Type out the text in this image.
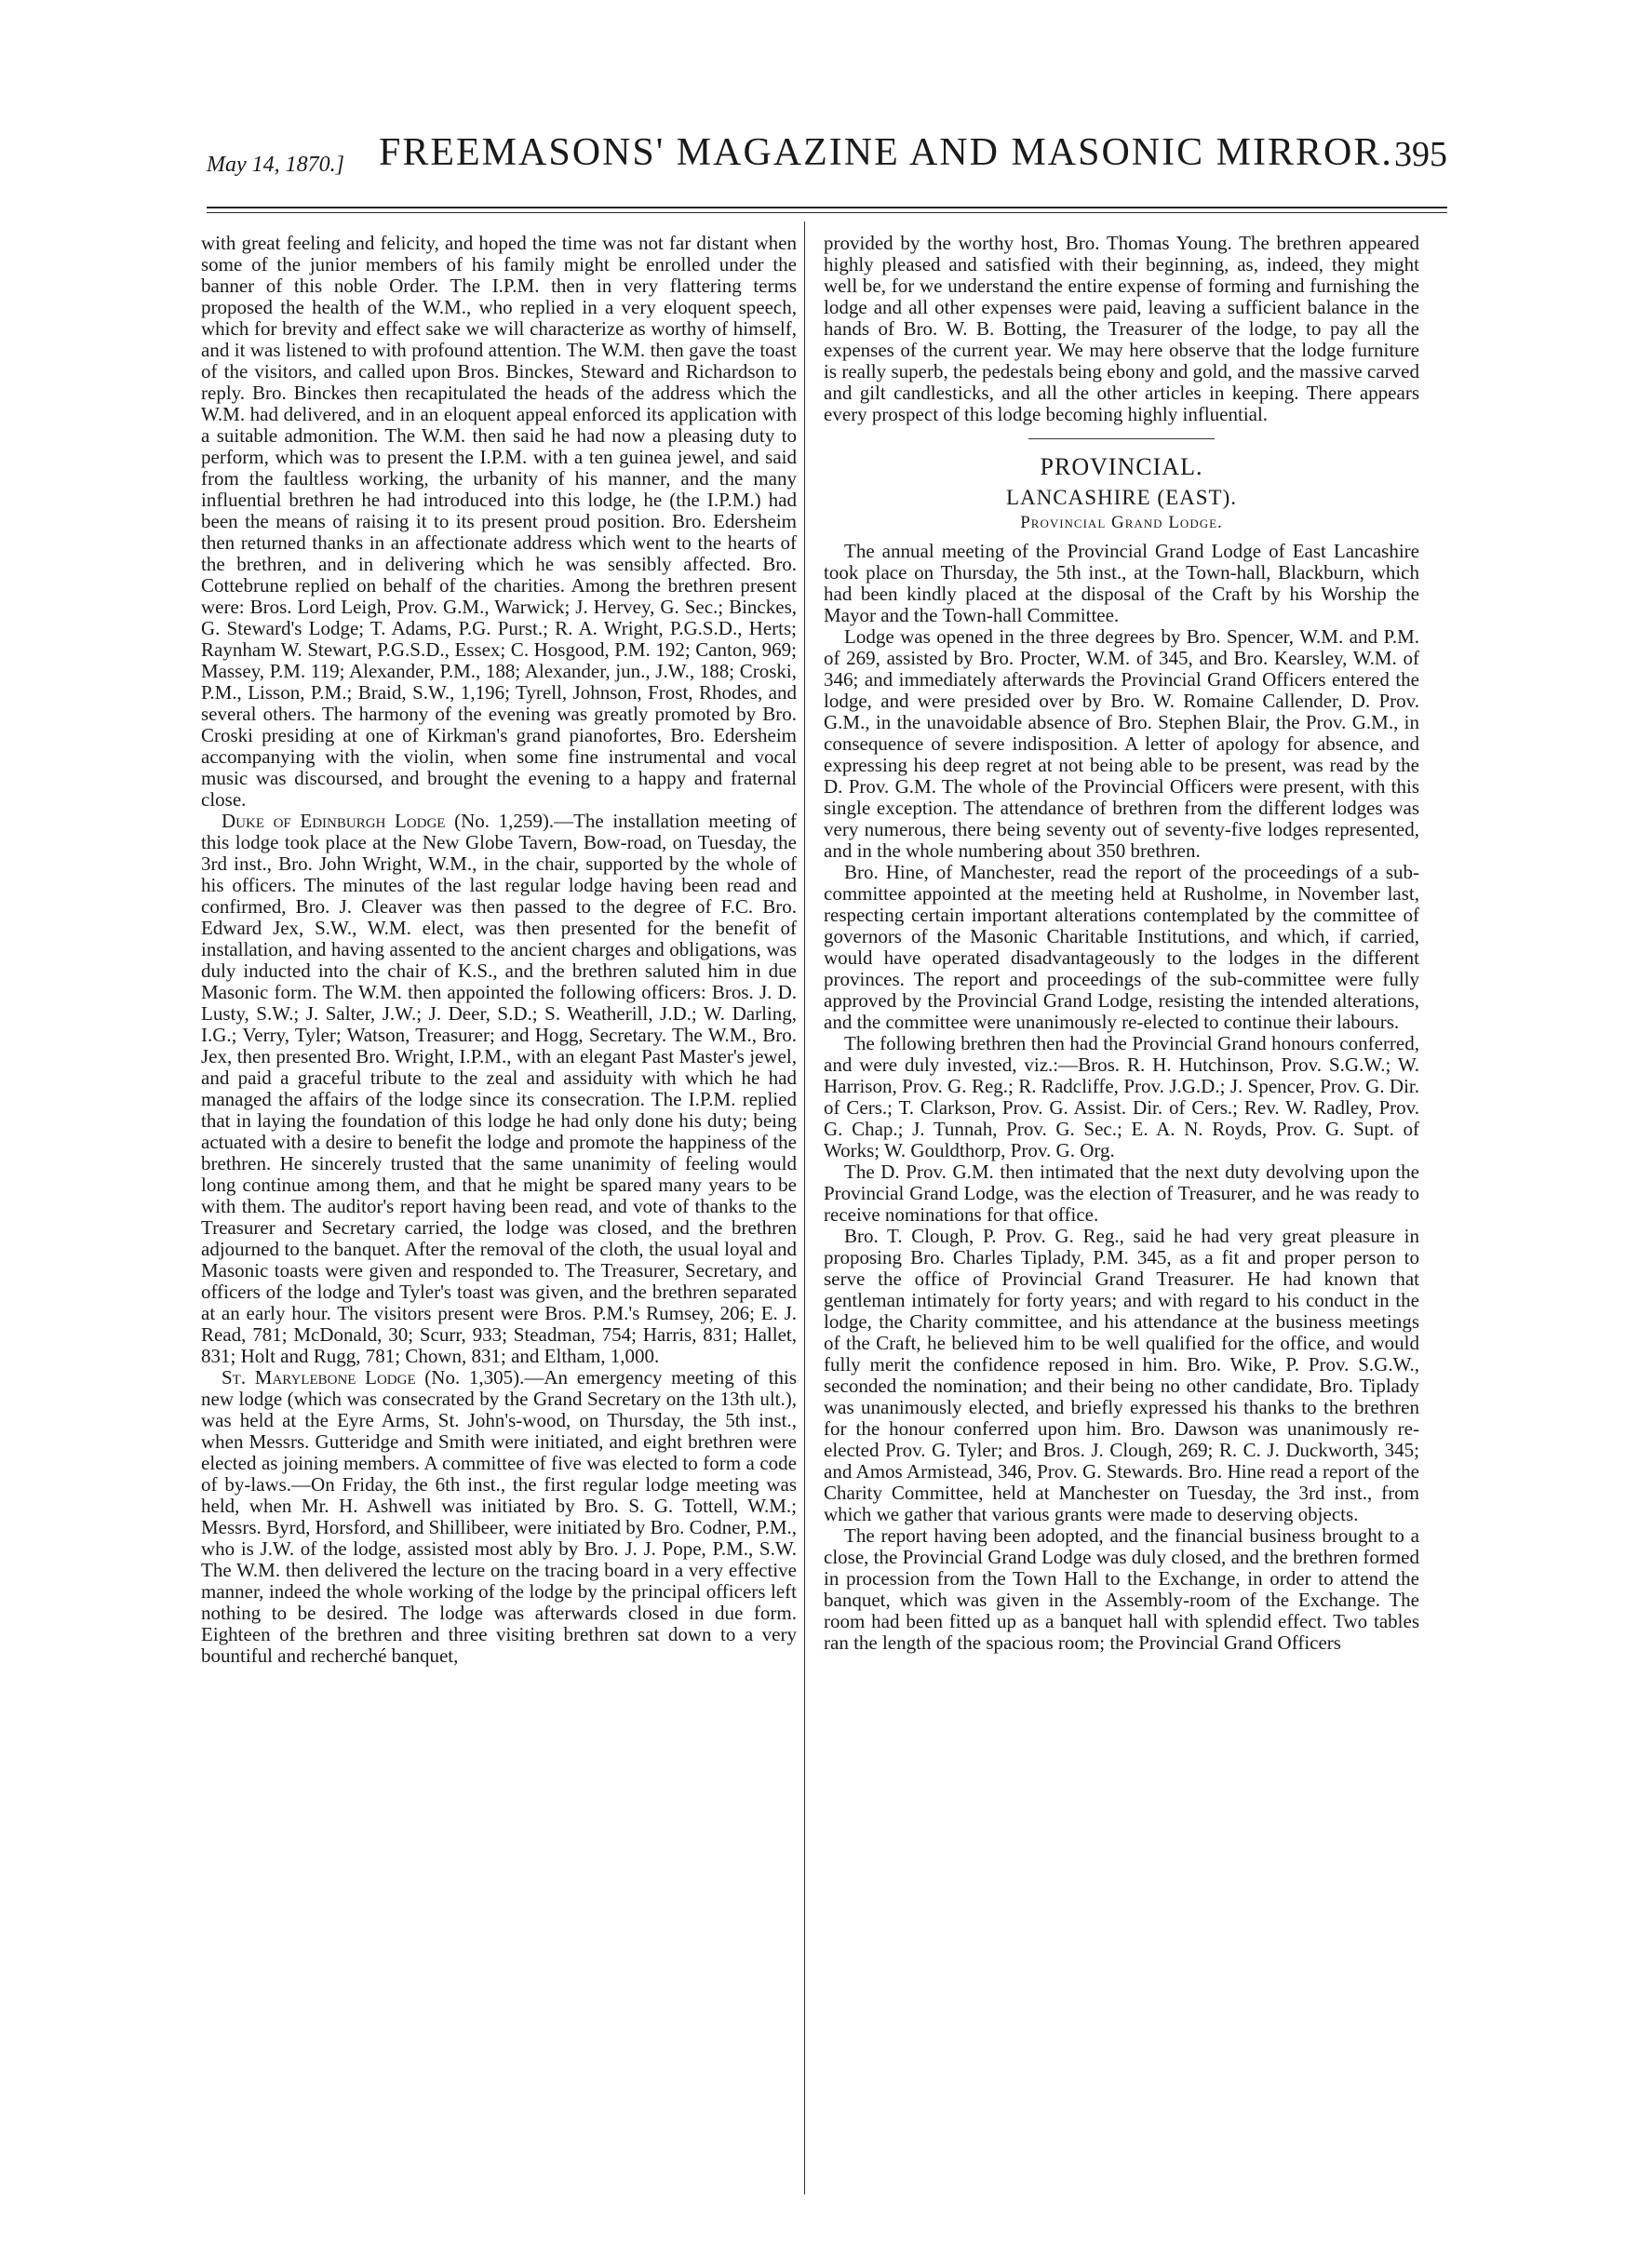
May 14, 1870.] FREEMASONS' MAGAZINE AND MASONIC MIRROR. 395

with great feeling and felicity, and hoped the time was not far distant when some of the junior members of his family might be enrolled under the banner of this noble Order. The I.P.M. then in very flattering terms proposed the health of the W.M., who replied in a very eloquent speech, which for brevity and effect sake we will characterize as worthy of himself, and it was listened to with profound attention. The W.M. then gave the toast of the visitors, and called upon Bros. Binckes, Steward and Richardson to reply. Bro. Binckes then recapitulated the heads of the address which the W.M. had delivered, and in an eloquent appeal enforced its application with a suitable admonition. The W.M. then said he had now a pleasing duty to perform, which was to present the I.P.M. with a ten guinea jewel, and said from the faultless working, the urbanity of his manner, and the many influential brethren he had introduced into this lodge, he (the I.P.M.) had been the means of raising it to its present proud position. Bro. Edersheim then returned thanks in an affectionate address which went to the hearts of the brethren, and in delivering which he was sensibly affected. Bro. Cottebrune replied on behalf of the charities. Among the brethren present were: Bros. Lord Leigh, Prov. G.M., Warwick; J. Hervey, G. Sec.; Binckes, G. Steward's Lodge; T. Adams, P.G. Purst.; R. A. Wright, P.G.S.D., Herts; Raynham W. Stewart, P.G.S.D., Essex; C. Hosgood, P.M. 192; Canton, 969; Massey, P.M. 119; Alexander, P.M., 188; Alexander, jun., J.W., 188; Croski, P.M., Lisson, P.M.; Braid, S.W., 1,196; Tyrell, Johnson, Frost, Rhodes, and several others. The harmony of the evening was greatly promoted by Bro. Croski presiding at one of Kirkman's grand pianofortes, Bro. Edersheim accompanying with the violin, when some fine instrumental and vocal music was discoursed, and brought the evening to a happy and fraternal close.

Duke of Edinburgh Lodge (No. 1,259).—The installation meeting of this lodge took place at the New Globe Tavern, Bow-road, on Tuesday, the 3rd inst., Bro. John Wright, W.M., in the chair, supported by the whole of his officers. The minutes of the last regular lodge having been read and confirmed, Bro. J. Cleaver was then passed to the degree of F.C. Bro. Edward Jex, S.W., W.M. elect, was then presented for the benefit of installation, and having assented to the ancient charges and obligations, was duly inducted into the chair of K.S., and the brethren saluted him in due Masonic form. The W.M. then appointed the following officers: Bros. J. D. Lusty, S.W.; J. Salter, J.W.; J. Deer, S.D.; S. Weatherill, J.D.; W. Darling, I.G.; Verry, Tyler; Watson, Treasurer; and Hogg, Secretary. The W.M., Bro. Jex, then presented Bro. Wright, I.P.M., with an elegant Past Master's jewel, and paid a graceful tribute to the zeal and assiduity with which he had managed the affairs of the lodge since its consecration. The I.P.M. replied that in laying the foundation of this lodge he had only done his duty; being actuated with a desire to benefit the lodge and promote the happiness of the brethren. He sincerely trusted that the same unanimity of feeling would long continue among them, and that he might be spared many years to be with them. The auditor's report having been read, and vote of thanks to the Treasurer and Secretary carried, the lodge was closed, and the brethren adjourned to the banquet. After the removal of the cloth, the usual loyal and Masonic toasts were given and responded to. The Treasurer, Secretary, and officers of the lodge and Tyler's toast was given, and the brethren separated at an early hour. The visitors present were Bros. P.M.'s Rumsey, 206; E. J. Read, 781; McDonald, 30; Scurr, 933; Steadman, 754; Harris, 831; Hallet, 831; Holt and Rugg, 781; Chown, 831; and Eltham, 1,000.

St. Marylebone Lodge (No. 1,305).—An emergency meeting of this new lodge (which was consecrated by the Grand Secretary on the 13th ult.), was held at the Eyre Arms, St. John's-wood, on Thursday, the 5th inst., when Messrs. Gutteridge and Smith were initiated, and eight brethren were elected as joining members. A committee of five was elected to form a code of by-laws.—On Friday, the 6th inst., the first regular lodge meeting was held, when Mr. H. Ashwell was initiated by Bro. S. G. Tottell, W.M.; Messrs. Byrd, Horsford, and Shillibeer, were initiated by Bro. Codner, P.M., who is J.W. of the lodge, assisted most ably by Bro. J. J. Pope, P.M., S.W. The W.M. then delivered the lecture on the tracing board in a very effective manner, indeed the whole working of the lodge by the principal officers left nothing to be desired. The lodge was afterwards closed in due form. Eighteen of the brethren and three visiting brethren sat down to a very bountiful and recherché banquet,

provided by the worthy host, Bro. Thomas Young. The brethren appeared highly pleased and satisfied with their beginning, as, indeed, they might well be, for we understand the entire expense of forming and furnishing the lodge and all other expenses were paid, leaving a sufficient balance in the hands of Bro. W. B. Botting, the Treasurer of the lodge, to pay all the expenses of the current year. We may here observe that the lodge furniture is really superb, the pedestals being ebony and gold, and the massive carved and gilt candlesticks, and all the other articles in keeping. There appears every prospect of this lodge becoming highly influential.

PROVINCIAL.
LANCASHIRE (EAST).
Provincial Grand Lodge.

The annual meeting of the Provincial Grand Lodge of East Lancashire took place on Thursday, the 5th inst., at the Town-hall, Blackburn, which had been kindly placed at the disposal of the Craft by his Worship the Mayor and the Town-hall Committee.

Lodge was opened in the three degrees by Bro. Spencer, W.M. and P.M. of 269, assisted by Bro. Procter, W.M. of 345, and Bro. Kearsley, W.M. of 346; and immediately afterwards the Provincial Grand Officers entered the lodge, and were presided over by Bro. W. Romaine Callender, D. Prov. G.M., in the unavoidable absence of Bro. Stephen Blair, the Prov. G.M., in consequence of severe indisposition. A letter of apology for absence, and expressing his deep regret at not being able to be present, was read by the D. Prov. G.M. The whole of the Provincial Officers were present, with this single exception. The attendance of brethren from the different lodges was very numerous, there being seventy out of seventy-five lodges represented, and in the whole numbering about 350 brethren.

Bro. Hine, of Manchester, read the report of the proceedings of a sub-committee appointed at the meeting held at Rusholme, in November last, respecting certain important alterations contemplated by the committee of governors of the Masonic Charitable Institutions, and which, if carried, would have operated disadvantageously to the lodges in the different provinces. The report and proceedings of the sub-committee were fully approved by the Provincial Grand Lodge, resisting the intended alterations, and the committee were unanimously re-elected to continue their labours.

The following brethren then had the Provincial Grand honours conferred, and were duly invested, viz.:—Bros. R. H. Hutchinson, Prov. S.G.W.; W. Harrison, Prov. G. Reg.; R. Radcliffe, Prov. J.G.D.; J. Spencer, Prov. G. Dir. of Cers.; T. Clarkson, Prov. G. Assist. Dir. of Cers.; Rev. W. Radley, Prov. G. Chap.; J. Tunnah, Prov. G. Sec.; E. A. N. Royds, Prov. G. Supt. of Works; W. Gouldthorp, Prov. G. Org.

The D. Prov. G.M. then intimated that the next duty devolving upon the Provincial Grand Lodge, was the election of Treasurer, and he was ready to receive nominations for that office.

Bro. T. Clough, P. Prov. G. Reg., said he had very great pleasure in proposing Bro. Charles Tiplady, P.M. 345, as a fit and proper person to serve the office of Provincial Grand Treasurer. He had known that gentleman intimately for forty years; and with regard to his conduct in the lodge, the Charity committee, and his attendance at the business meetings of the Craft, he believed him to be well qualified for the office, and would fully merit the confidence reposed in him. Bro. Wike, P. Prov. S.G.W., seconded the nomination; and their being no other candidate, Bro. Tiplady was unanimously elected, and briefly expressed his thanks to the brethren for the honour conferred upon him. Bro. Dawson was unanimously re-elected Prov. G. Tyler; and Bros. J. Clough, 269; R. C. J. Duckworth, 345; and Amos Armistead, 346, Prov. G. Stewards. Bro. Hine read a report of the Charity Committee, held at Manchester on Tuesday, the 3rd inst., from which we gather that various grants were made to deserving objects.

The report having been adopted, and the financial business brought to a close, the Provincial Grand Lodge was duly closed, and the brethren formed in procession from the Town Hall to the Exchange, in order to attend the banquet, which was given in the Assembly-room of the Exchange. The room had been fitted up as a banquet hall with splendid effect. Two tables ran the length of the spacious room; the Provincial Grand Officers
